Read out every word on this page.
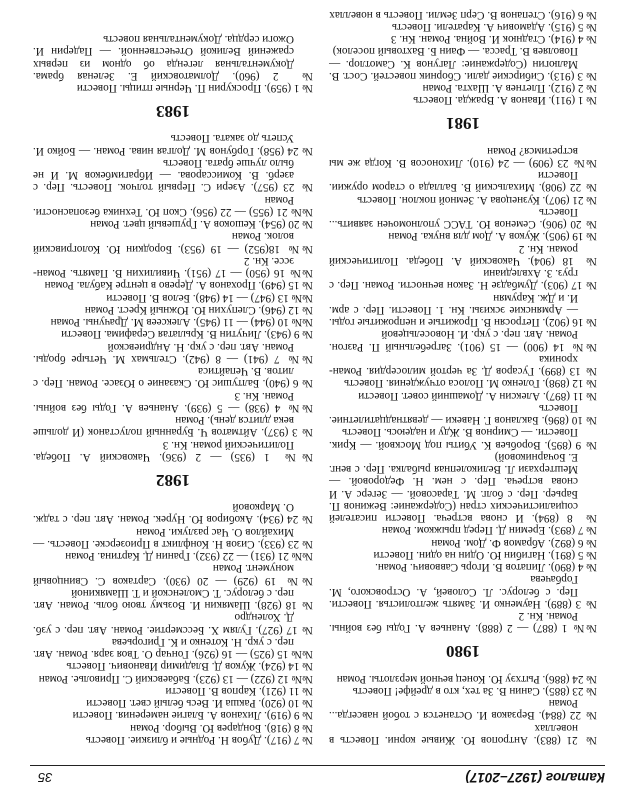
Каталог (1927–2017)
35

№ 21 (883). Антропов Ю. Живые корни. Повесть в новеллах

№ 22 (884). Верзаков И. Останется с тобой навсегда... Роман

№ 23 (885). Санин В. За тех, кто в дрейфе! Повесть

№ 24 (886). Рытхэу Ю. Конец вечной мерзлоты. Роман

1980

№№ 1 (887) — 2 (888). Ананьев А. Годы без войны. Роман. Кн. 2

№ 3 (889). Науменко И. Замять желтолистья. Повести. Пер. с белорус. Л. Соловей, А. Островского, М. Горбачева

№ 4 (890). Липатов В. Игорь Саввович. Роман.

№ 5 (891). Нагибин Ю. Один на один. Повести

№ 6 (892). Абрамов Ф. Дом. Роман

№ 7 (893). Еремин Д. Перед прыжком. Роман

№ 8 (894). И снова встреча. Повести писателей социалистических стран (Содержание: Вежинов П. Барьер. Пер. с болг. М. Тарасовой. — Зегерс А. И снова встреча. Пер. с нем. Н. Федоровой. — Мештерхази Л. Великолепная рыбалка. Пер. с венг. Е. Бочарниковой)

№ 9 (895). Воробьев К. Убиты под Москвой. — Крик. Повести. — Смирнов В. Жду и надеюсь. Повесть

№ 10 (896). Бакланов Г. Навеки — девятнадцатилетние. Повесть

№ 11 (897). Алексин А. Домашний совет. Повести

№ 12 (898). Голенко М. Полоса отчуждения. Повесть

№ 13 (899). Гусаров Д. За чертой милосердия. Роман-хроника

№№ 14 (900) — 15 (901). Загребельный П. Разгон. Роман. Авт. пер. с укр. И. Новосельцевой

№ 16 (902). Петросян В. Прожитые и непрожитые годы. — Армянские эскизы. Кн. 1. Повести. Пер. с арм. И. и Дж. Карумян

№ 17 (903). Думбадзе Н. Закон вечности. Роман. Пер. с груз. З. Ахвледиани

№ 18 (904). Чаковский А. Победа. Политический роман. Кн. 2

№ 19 (905). Жуков А. Дом для внука. Роман

№ 20 (906). Семенов Ю. ТАСС уполномочен заявить... Повесть

№ 21 (907). Кузнецова А. Земной поклон. Повесть

№ 22 (908). Михальский В. Баллада о старом оружии. Повести

№№ 23 (909) — 24 (910). Лихоносов В. Когда же мы встретимся? Роман

1981

№ 1 (911). Иванов А. Вражда. Повесть

№ 2 (912). Плетнев А. Шахта. Роман

№ 3 (913). Сибирские дали. Сборник повестей. Сост. В. Малюгин (Содержание: Лагунов К. Самотлор. — Поволяев В. Трасса. — Фаин Б. Вахтовый поселок)

№ 4 (914). Стаднюк И. Война. Роман. Кн. 3

№ 5 (915). Адамович А. Каратели. Повесть

№ 6 (916). Степанов В. Серп Земли. Повесть в новеллах

№ 7 (917). Дубов Н. Родные и близкие. Повесть

№ 8 (918). Бондарев Ю. Выбор. Роман

№ 9 (919). Лиханов А. Благие намерения. Повести

№ 10 (920). Ракша И. Весь белый свет. Повести

№ 11 (921). Карпов В. Повести

№№ 12 (922) — 13 (923). Бабаевский С. Приволье. Роман

№ 14 (924). Жуков Д. Владимир Иванович. Повесть

№№ 15 (925) — 16 (926). Гончар О. Твоя заря. Роман. Авт. пер. с укр. Н. Котенко и К. Григорьева

№ 17 (927). Гулям Х. Бессмертие. Роман. Авт. пер. с узб. Д. Холендро

№ 18 (928). Шамякин И. Возьму твою боль. Роман. Авт. пер. с белорус. Т. Смоленской и Т. Шамякиной

№№ 19 (929) — 20 (930). Сартаков С. Свинцовый монумент. Роман

№№ 21 (931) — 22 (932). Гранин Д. Картина. Роман

№ 23 (933). Сизов Н. Конфликт в Приозерске. Повесть. — Михайлов О. Час разлуки. Роман

№ 24 (934). Акобиров Ю. Нурек. Роман. Авт. пер. с тадж. О. Марковой

1982

№№ 1 (935) — 2 (936). Чаковский А. Победа. Политический роман. Кн. 3

№ 3 (937). Айтматов Ч. Буранный полустанок (И дольше века длится день). Роман

№№ 4 (938) — 5 (939). Ананьев А. Годы без войны. Роман. Кн. 3

№ 6 (940). Балтушис Ю. Сказание о Юзасе. Роман. Пер. с литов. В. Чепайтиса

№№ 7 (941) — 8 (942). Стельмах М. Четыре броды. Роман. Авт. пер. с укр. Н. Андриевской

№ 9 (943). Личутин В. Крылатая Серафима. Повести

№№ 10 (944) — 11 (945). Алексеев М. Драчуны. Роман

№ 12 (946). Слепухин Ю. Южный Крест. Роман

№№ 13 (947) — 14 (948). Белов В. Повести

№ 15 (949). Проханов А. Дерево в центре Кабула. Роман

№№ 16 (950) — 17 (951). Чивилихин В. Память. Роман-эссе. Кн. 2

№№ 18(952) — 19 (953). Бородкин Ю. Кологривский волок. Роман

№ 20 (954). Кешоков А. Грушевый цвет. Роман

№№ 21 (955) — 22 (956). Скоп Ю. Техника безопасности. Роман

№ 23 (957). Азери С. Первый толчок. Повесть. Пер. с азерб. В. Комиссарова. — Ибрагимбеков М. И не было лучше брата. Повесть

№ 24 (958). Горбунов М. Долгая нива. Роман. — Бойко И. Успеть до заката. Повесть

1983

№ 1 (959). Проскурин П. Черные птицы. Повести

№ 2 (960). Долматовский Е. Зеленая брама. Документальная легенда об одном из первых сражений Великой Отечественной. — Падерин И. Ожоги сердца. Документальная повесть
